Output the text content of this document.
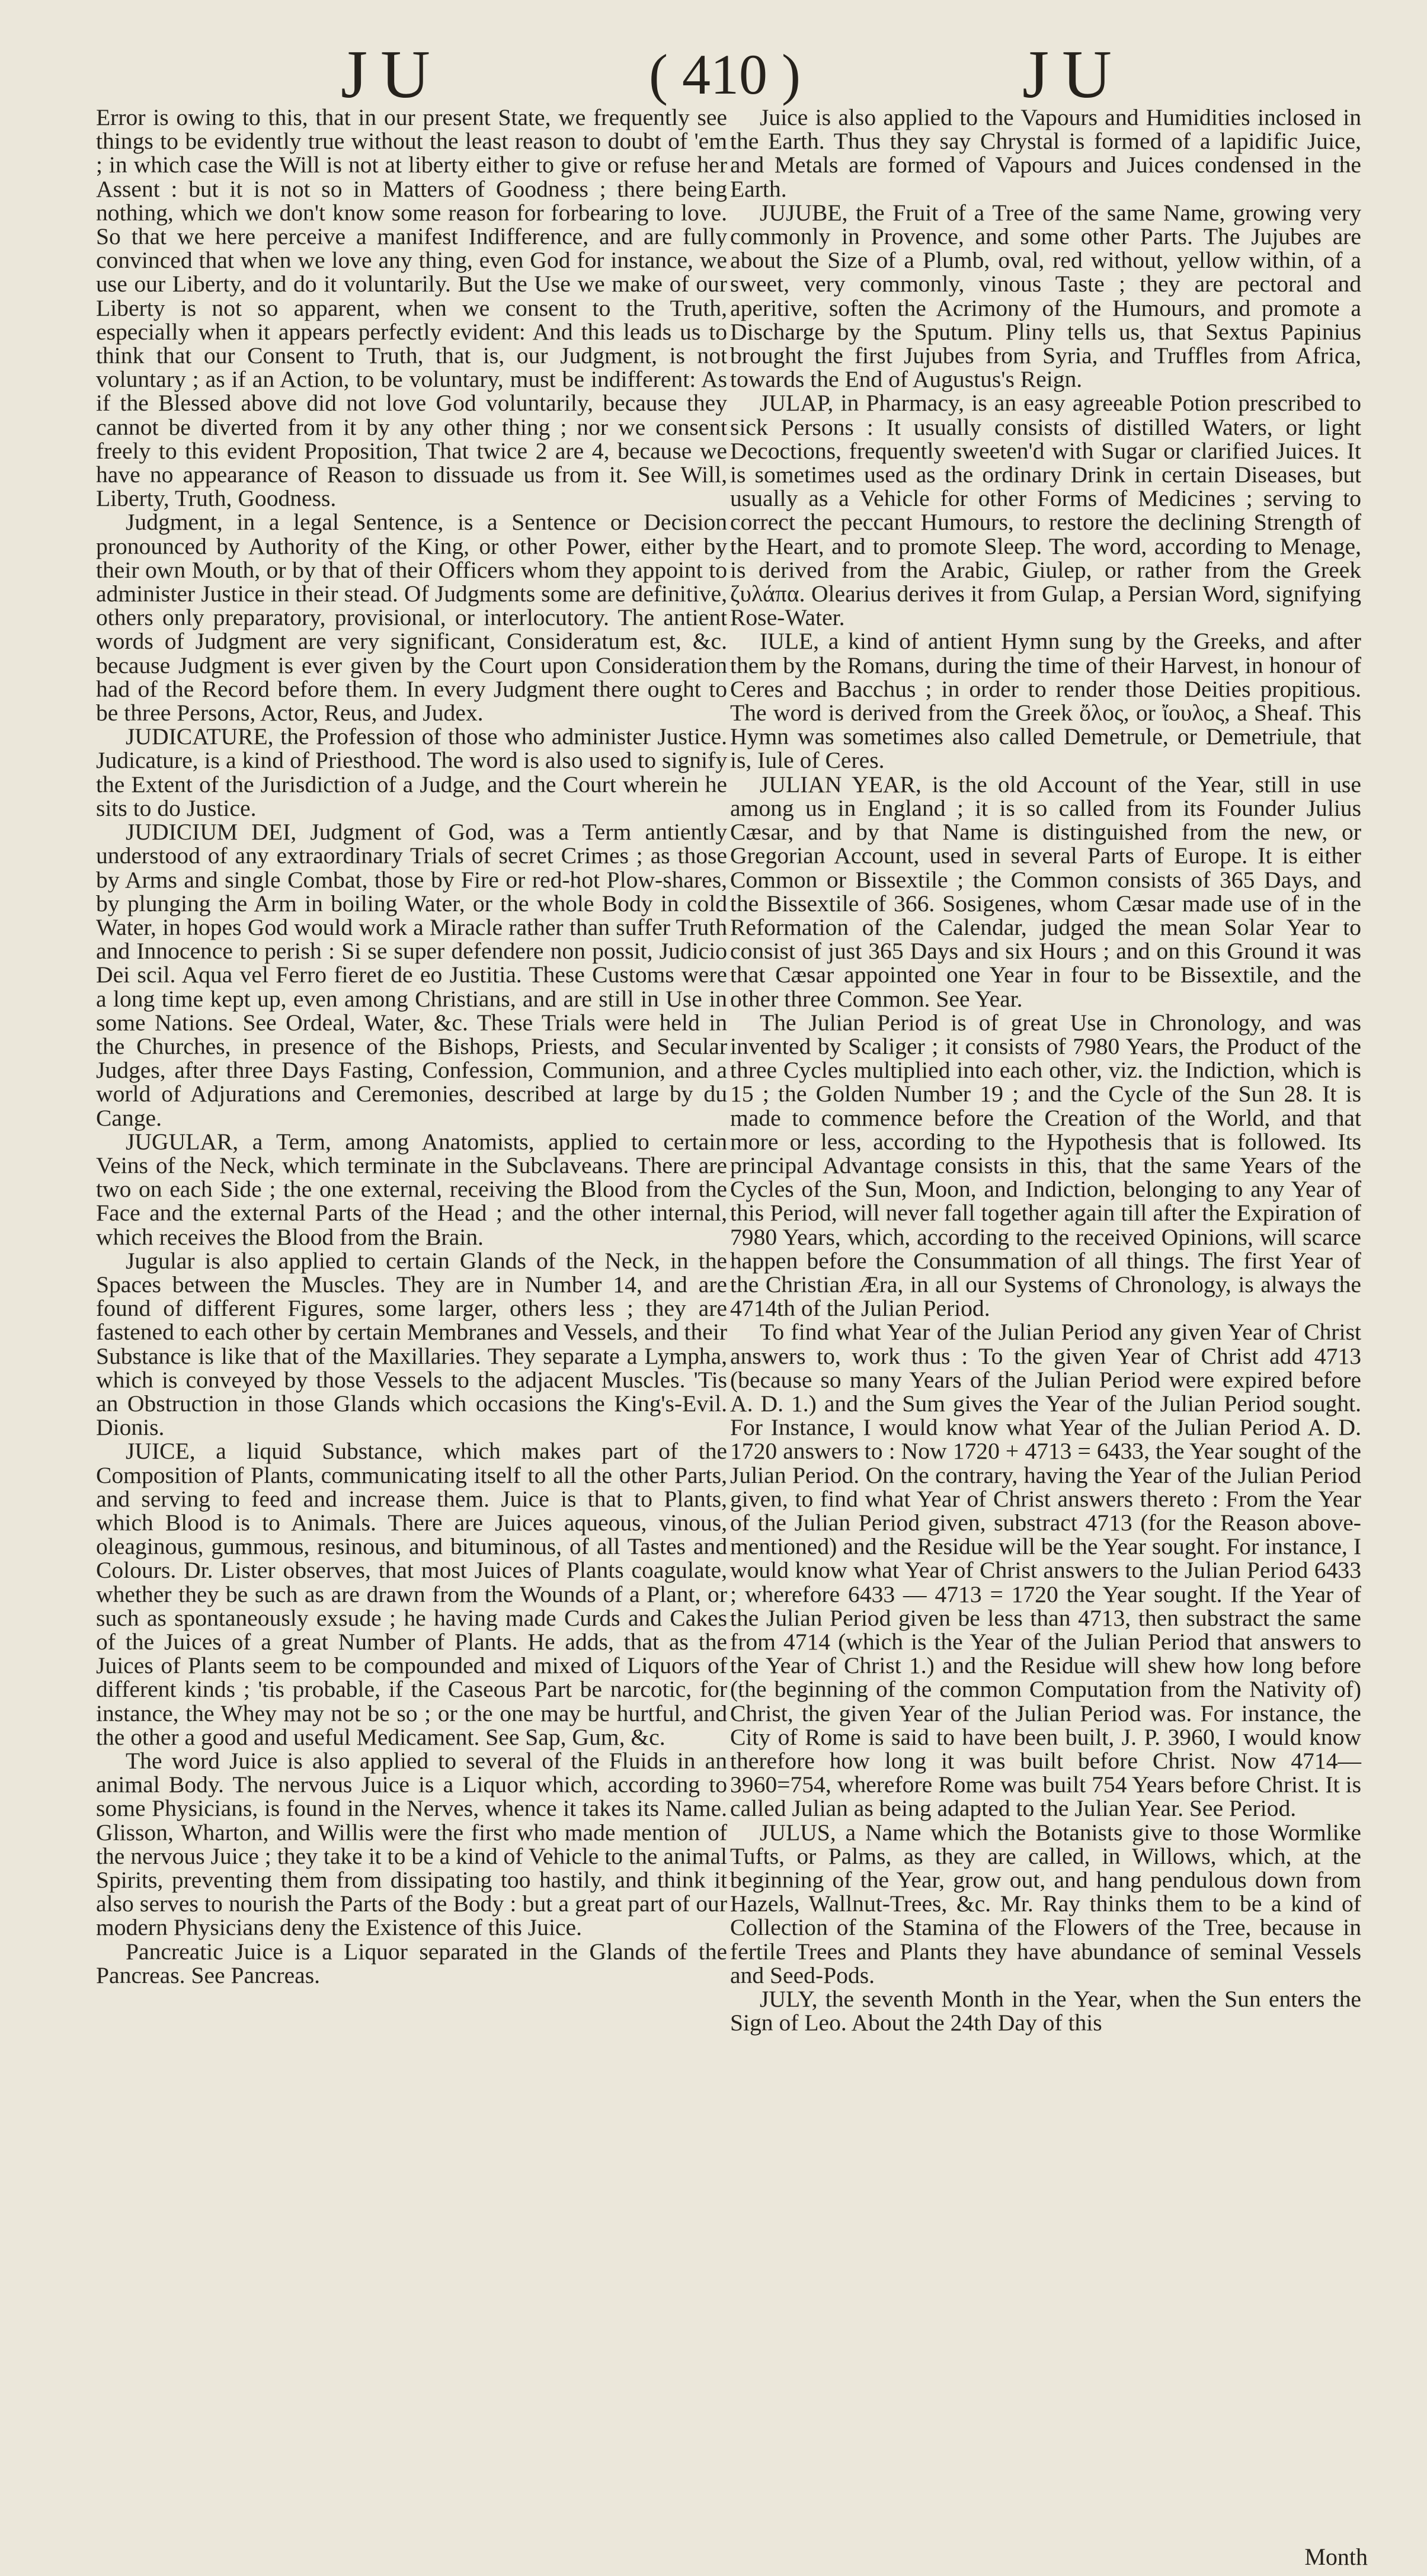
JU	( 410 )	JU

Error is owing to this, that in our present State, we frequently see things to be evidently true without the least reason to doubt of 'em ; in which case the Will is not at liberty either to give or refuse her Assent : but it is not so in Matters of Goodness ; there being nothing, which we don't know some reason for forbearing to love. So that we here perceive a manifest Indifference, and are fully convinced that when we love any thing, even God for instance, we use our Liberty, and do it voluntarily. But the Use we make of our Liberty is not so apparent, when we consent to the Truth, especially when it appears perfectly evident: And this leads us to think that our Consent to Truth, that is, our Judgment, is not voluntary ; as if an Action, to be voluntary, must be indifferent: As if the Blessed above did not love God voluntarily, because they cannot be diverted from it by any other thing ; nor we consent freely to this evident Proposition, That twice 2 are 4, because we have no appearance of Reason to dissuade us from it. See Will, Liberty, Truth, Goodness.

Judgment, in a legal Sentence, is a Sentence or Decision pronounced by Authority of the King, or other Power, either by their own Mouth, or by that of their Officers whom they appoint to administer Justice in their stead. Of Judgments some are definitive, others only preparatory, provisional, or interlocutory. The antient words of Judgment are very significant, Consideratum est, &c. because Judgment is ever given by the Court upon Consideration had of the Record before them. In every Judgment there ought to be three Persons, Actor, Reus, and Judex.

JUDICATURE, the Profession of those who administer Justice. Judicature, is a kind of Priesthood. The word is also used to signify the Extent of the Jurisdiction of a Judge, and the Court wherein he sits to do Justice.

JUDICIUM DEI, Judgment of God, was a Term antiently understood of any extraordinary Trials of secret Crimes ; as those by Arms and single Combat, those by Fire or red-hot Plow-shares, by plunging the Arm in boiling Water, or the whole Body in cold Water, in hopes God would work a Miracle rather than suffer Truth and Innocence to perish : Si se super defendere non possit, Judicio Dei scil. Aqua vel Ferro fieret de eo Justitia. These Customs were a long time kept up, even among Christians, and are still in Use in some Nations. See Ordeal, Water, &c. These Trials were held in the Churches, in presence of the Bishops, Priests, and Secular Judges, after three Days Fasting, Confession, Communion, and a world of Adjurations and Ceremonies, described at large by du Cange.

JUGULAR, a Term, among Anatomists, applied to certain Veins of the Neck, which terminate in the Subclaveans. There are two on each Side ; the one external, receiving the Blood from the Face and the external Parts of the Head ; and the other internal, which receives the Blood from the Brain.

Jugular is also applied to certain Glands of the Neck, in the Spaces between the Muscles. They are in Number 14, and are found of different Figures, some larger, others less ; they are fastened to each other by certain Membranes and Vessels, and their Substance is like that of the Maxillaries. They separate a Lympha, which is conveyed by those Vessels to the adjacent Muscles. 'Tis an Obstruction in those Glands which occasions the King's-Evil. Dionis.

JUICE, a liquid Substance, which makes part of the Composition of Plants, communicating itself to all the other Parts, and serving to feed and increase them. Juice is that to Plants, which Blood is to Animals. There are Juices aqueous, vinous, oleaginous, gummous, resinous, and bituminous, of all Tastes and Colours. Dr. Lister observes, that most Juices of Plants coagulate, whether they be such as are drawn from the Wounds of a Plant, or such as spontaneously exsude ; he having made Curds and Cakes of the Juices of a great Number of Plants. He adds, that as the Juices of Plants seem to be compounded and mixed of Liquors of different kinds ; 'tis probable, if the Caseous Part be narcotic, for instance, the Whey may not be so ; or the one may be hurtful, and the other a good and useful Medicament. See Sap, Gum, &c.

The word Juice is also applied to several of the Fluids in an animal Body. The nervous Juice is a Liquor which, according to some Physicians, is found in the Nerves, whence it takes its Name. Glisson, Wharton, and Willis were the first who made mention of the nervous Juice ; they take it to be a kind of Vehicle to the animal Spirits, preventing them from dissipating too hastily, and think it also serves to nourish the Parts of the Body : but a great part of our modern Physicians deny the Existence of this Juice.

Pancreatic Juice is a Liquor separated in the Glands of the Pancreas. See Pancreas.

Juice is also applied to the Vapours and Humidities inclosed in the Earth. Thus they say Chrystal is formed of a lapidific Juice, and Metals are formed of Vapours and Juices condensed in the Earth.

JUJUBE, the Fruit of a Tree of the same Name, growing very commonly in Provence, and some other Parts. The Jujubes are about the Size of a Plumb, oval, red without, yellow within, of a sweet, very commonly, vinous Taste ; they are pectoral and aperitive, soften the Acrimony of the Humours, and promote a Discharge by the Sputum. Pliny tells us, that Sextus Papinius brought the first Jujubes from Syria, and Truffles from Africa, towards the End of Augustus's Reign.

JULAP, in Pharmacy, is an easy agreeable Potion prescribed to sick Persons : It usually consists of distilled Waters, or light Decoctions, frequently sweeten'd with Sugar or clarified Juices. It is sometimes used as the ordinary Drink in certain Diseases, but usually as a Vehicle for other Forms of Medicines ; serving to correct the peccant Humours, to restore the declining Strength of the Heart, and to promote Sleep. The word, according to Menage, is derived from the Arabic, Giulep, or rather from the Greek ζυλάπα. Olearius derives it from Gulap, a Persian Word, signifying Rose-Water.

IULE, a kind of antient Hymn sung by the Greeks, and after them by the Romans, during the time of their Harvest, in honour of Ceres and Bacchus ; in order to render those Deities propitious. The word is derived from the Greek ὄλος, or ἴουλος, a Sheaf. This Hymn was sometimes also called Demetrule, or Demetriule, that is, Iule of Ceres.

JULIAN YEAR, is the old Account of the Year, still in use among us in England ; it is so called from its Founder Julius Cæsar, and by that Name is distinguished from the new, or Gregorian Account, used in several Parts of Europe. It is either Common or Bissextile ; the Common consists of 365 Days, and the Bissextile of 366. Sosigenes, whom Cæsar made use of in the Reformation of the Calendar, judged the mean Solar Year to consist of just 365 Days and six Hours ; and on this Ground it was that Cæsar appointed one Year in four to be Bissextile, and the other three Common. See Year.

The Julian Period is of great Use in Chronology, and was invented by Scaliger ; it consists of 7980 Years, the Product of the three Cycles multiplied into each other, viz. the Indiction, which is 15 ; the Golden Number 19 ; and the Cycle of the Sun 28. It is made to commence before the Creation of the World, and that more or less, according to the Hypothesis that is followed. Its principal Advantage consists in this, that the same Years of the Cycles of the Sun, Moon, and Indiction, belonging to any Year of this Period, will never fall together again till after the Expiration of 7980 Years, which, according to the received Opinions, will scarce happen before the Consummation of all things. The first Year of the Christian Æra, in all our Systems of Chronology, is always the 4714th of the Julian Period.

To find what Year of the Julian Period any given Year of Christ answers to, work thus : To the given Year of Christ add 4713 (because so many Years of the Julian Period were expired before A. D. 1.) and the Sum gives the Year of the Julian Period sought. For Instance, I would know what Year of the Julian Period A. D. 1720 answers to : Now 1720 + 4713 = 6433, the Year sought of the Julian Period. On the contrary, having the Year of the Julian Period given, to find what Year of Christ answers thereto : From the Year of the Julian Period given, substract 4713 (for the Reason above-mentioned) and the Residue will be the Year sought. For instance, I would know what Year of Christ answers to the Julian Period 6433 ; wherefore 6433 — 4713 = 1720 the Year sought. If the Year of the Julian Period given be less than 4713, then substract the same from 4714 (which is the Year of the Julian Period that answers to the Year of Christ 1.) and the Residue will shew how long before (the beginning of the common Computation from the Nativity of) Christ, the given Year of the Julian Period was. For instance, the City of Rome is said to have been built, J. P. 3960, I would know therefore how long it was built before Christ. Now 4714—3960=754, wherefore Rome was built 754 Years before Christ. It is called Julian as being adapted to the Julian Year. See Period.

JULUS, a Name which the Botanists give to those Wormlike Tufts, or Palms, as they are called, in Willows, which, at the beginning of the Year, grow out, and hang pendulous down from Hazels, Wallnut-Trees, &c. Mr. Ray thinks them to be a kind of Collection of the Stamina of the Flowers of the Tree, because in fertile Trees and Plants they have abundance of seminal Vessels and Seed-Pods.

JULY, the seventh Month in the Year, when the Sun enters the Sign of Leo. About the 24th Day of this

Month
